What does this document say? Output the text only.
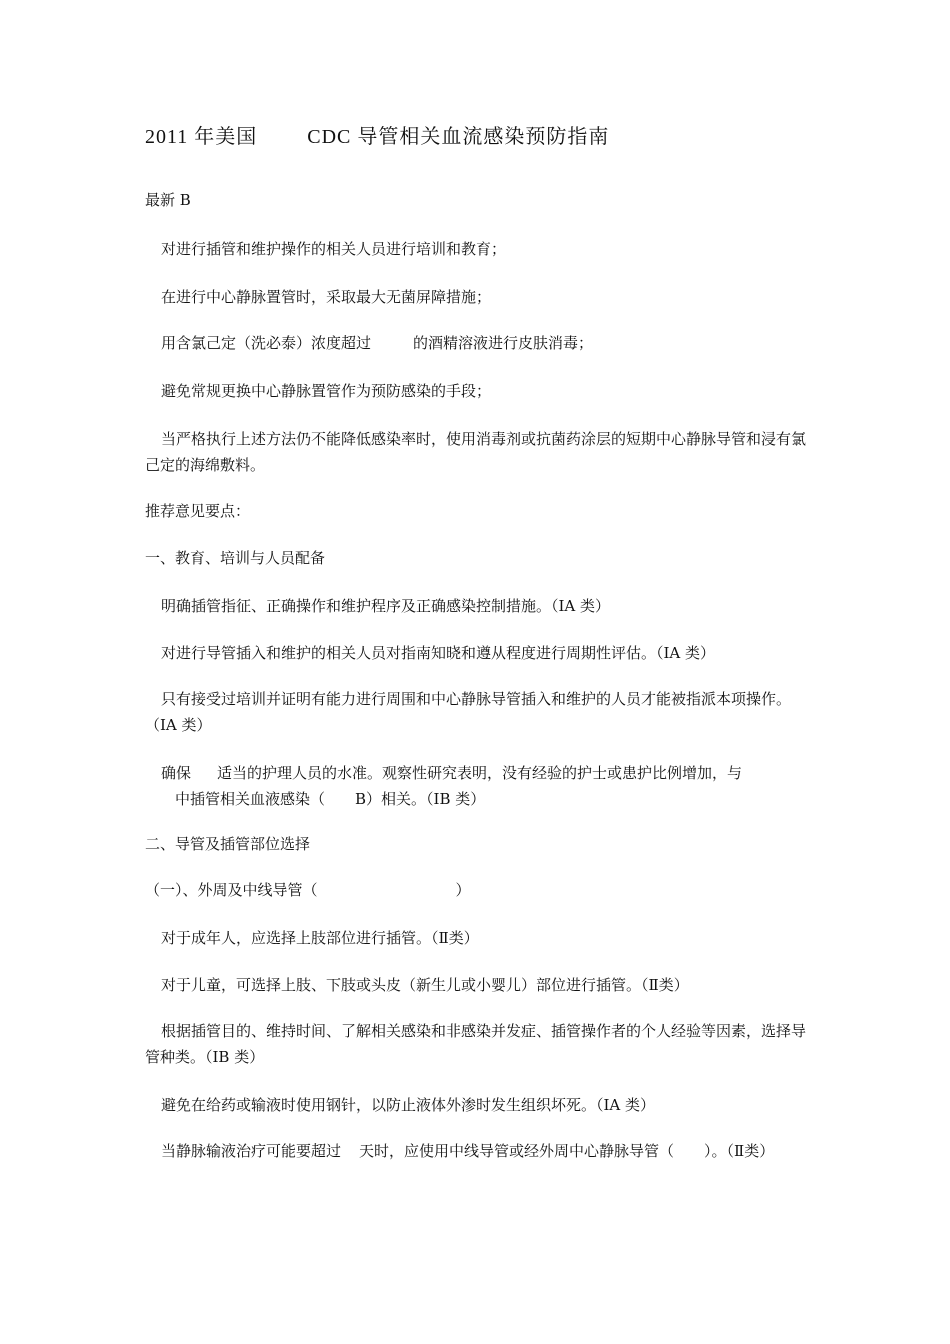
2011 年美国	CDC 导管相关血流感染预防指南
最新 B
对进行插管和维护操作的相关人员进行培训和教育；
在进行中心静脉置管时，采取最大无菌屏障措施；
用含氯己定（洗必泰）浓度超过	的酒精溶液进行皮肤消毒；
避免常规更换中心静脉置管作为预防感染的手段；
当严格执行上述方法仍不能降低感染率时，使用消毒剂或抗菌药涂层的短期中心静脉导管和浸有氯己定的海绵敷料。
推荐意见要点：
一、教育、培训与人员配备
明确插管指征、正确操作和维护程序及正确感染控制措施。（ⅠA 类）
对进行导管插入和维护的相关人员对指南知晓和遵从程度进行周期性评估。（ⅠA 类）
只有接受过培训并证明有能力进行周围和中心静脉导管插入和维护的人员才能被指派本项操作。（ⅠA 类）
确保 适当的护理人员的水准。观察性研究表明，没有经验的护士或患护比例增加，与
中插管相关血液感染（ B）相关。（ⅠB 类）
二、导管及插管部位选择
（一）、外周及中线导管（	）
对于成年人，应选择上肢部位进行插管。（Ⅱ类）
对于儿童，可选择上肢、下肢或头皮（新生儿或小婴儿）部位进行插管。（Ⅱ类）
根据插管目的、维持时间、了解相关感染和非感染并发症、插管操作者的个人经验等因素，选择导管种类。（ⅠB 类）
避免在给药或输液时使用钢针，以防止液体外渗时发生组织坏死。（ⅠA 类）
当静脉输液治疗可能要超过 天时，应使用中线导管或经外周中心静脉导管（ ）。（Ⅱ类）
